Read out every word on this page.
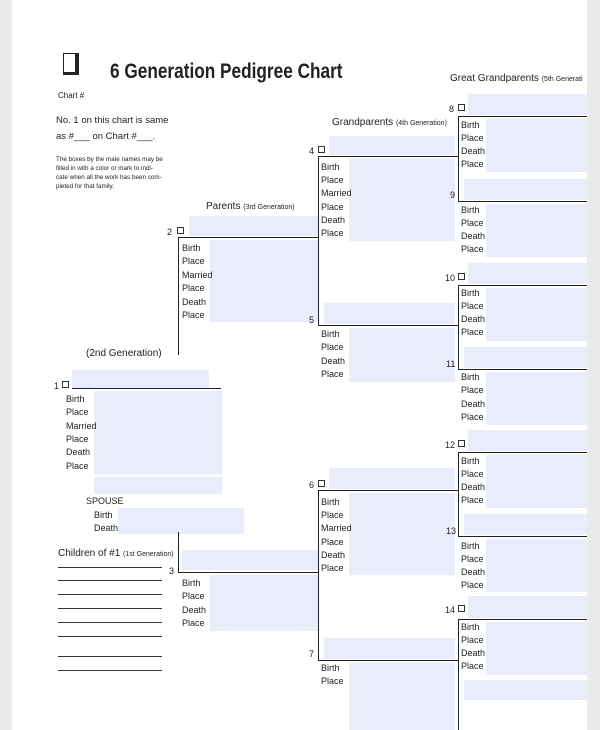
Chart #
6 Generation Pedigree Chart
No. 1 on this chart is same
as #___ on Chart #___.
The boxes by the male names may be
filled in with a color or mark to indi-
cate when all the work has been com-
pleted for that family.
Great Grandparents (5th Generati
Grandparents (4th Generation)
Parents (3rd Generation)
(2nd Generation)
Children of #1 (1st Generation)
1
Birth
Place
Married
Place
Death
Place
SPOUSE
Birth
Death
2
Birth
Place
Married
Place
Death
Place
3
Birth
Place
Death
Place
4
Birth
Place
Married
Place
Death
Place
5
Birth
Place
Death
Place
6
Birth
Place
Married
Place
Death
Place
7
Birth
Place
8
Birth
Place
Death
Place
9
Birth
Place
Death
Place
10
Birth
Place
Death
Place
11
Birth
Place
Death
Place
12
Birth
Place
Death
Place
13
Birth
Place
Death
Place
14
Birth
Place
Death
Place
